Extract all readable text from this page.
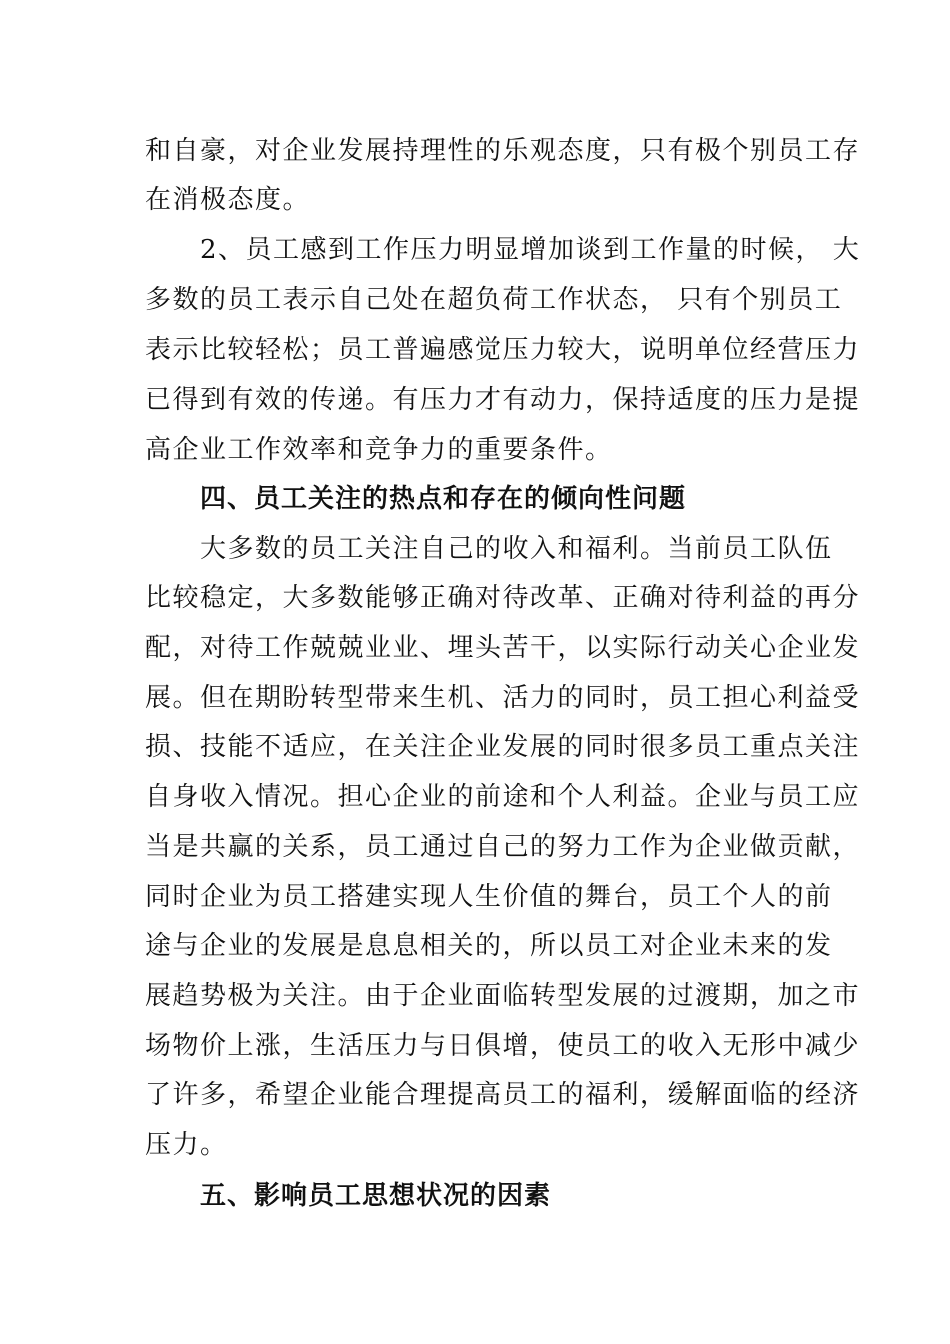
和自豪，对企业发展持理性的乐观态度，只有极个别员工存
在消极态度。
2、员工感到工作压力明显增加谈到工作量的时候， 大
多数的员工表示自己处在超负荷工作状态， 只有个别员工
表示比较轻松；员工普遍感觉压力较大，说明单位经营压力
已得到有效的传递。有压力才有动力，保持适度的压力是提
高企业工作效率和竞争力的重要条件。
四、员工关注的热点和存在的倾向性问题
大多数的员工关注自己的收入和福利。当前员工队伍
比较稳定，大多数能够正确对待改革、正确对待利益的再分
配，对待工作兢兢业业、埋头苦干，以实际行动关心企业发
展。但在期盼转型带来生机、活力的同时，员工担心利益受
损、技能不适应，在关注企业发展的同时很多员工重点关注
自身收入情况。担心企业的前途和个人利益。企业与员工应
当是共赢的关系，员工通过自己的努力工作为企业做贡献，
同时企业为员工搭建实现人生价值的舞台，员工个人的前
途与企业的发展是息息相关的，所以员工对企业未来的发
展趋势极为关注。由于企业面临转型发展的过渡期，加之市
场物价上涨，生活压力与日俱增，使员工的收入无形中减少
了许多，希望企业能合理提高员工的福利，缓解面临的经济
压力。
五、影响员工思想状况的因素
